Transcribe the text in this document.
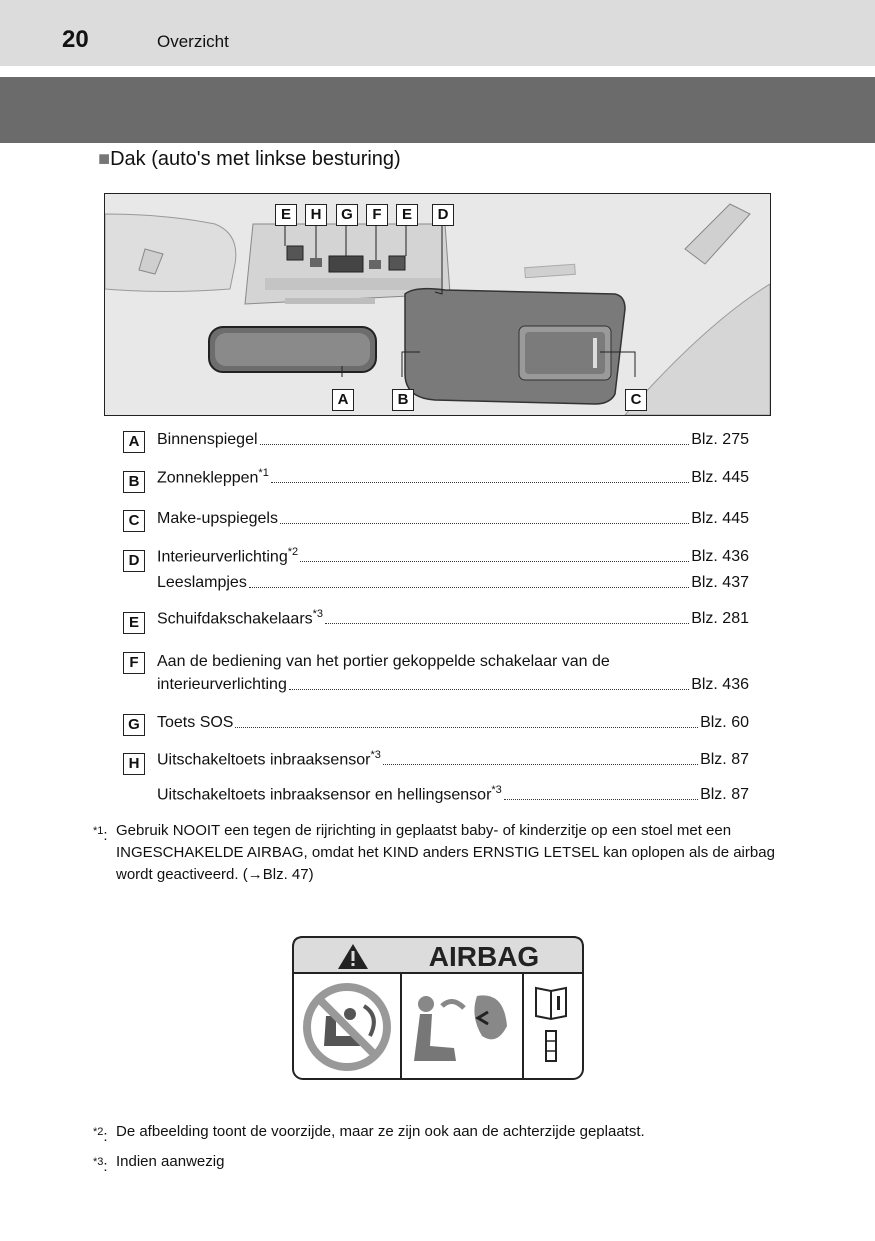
20	Overzicht
■Dak (auto's met linkse besturing)
E	H	G	F	E	D
A	B	C
A	Binnenspiegel	Blz. 275
B	Zonnekleppen$^{*1}$	Blz. 445
C	Make-upspiegels	Blz. 445
D	Interieurverlichting$^{*2}$	Blz. 436
Leeslampjes	Blz. 437
E	Schuifdakschakelaars$^{*3}$	Blz. 281
F	Aan de bediening van het portier gekoppelde schakelaar van de
interieurverlichting	Blz. 436
G	Toets SOS	Blz. 60
H	Uitschakeltoets inbraaksensor$^{*3}$	Blz. 87
Uitschakeltoets inbraaksensor en hellingsensor$^{*3}$	Blz. 87
$^{*1}$: Gebruik NOOIT een tegen de rijrichting in geplaatst baby- of kinderzitje op een stoel met een INGESCHAKELDE AIRBAG, omdat het KIND anders ERNSTIG LETSEL kan oplopen als de airbag wordt geactiveerd. (→Blz. 47)
AIRBAG
$^{*2}$: De afbeelding toont de voorzijde, maar ze zijn ook aan de achterzijde geplaatst.
$^{*3}$: Indien aanwezig
